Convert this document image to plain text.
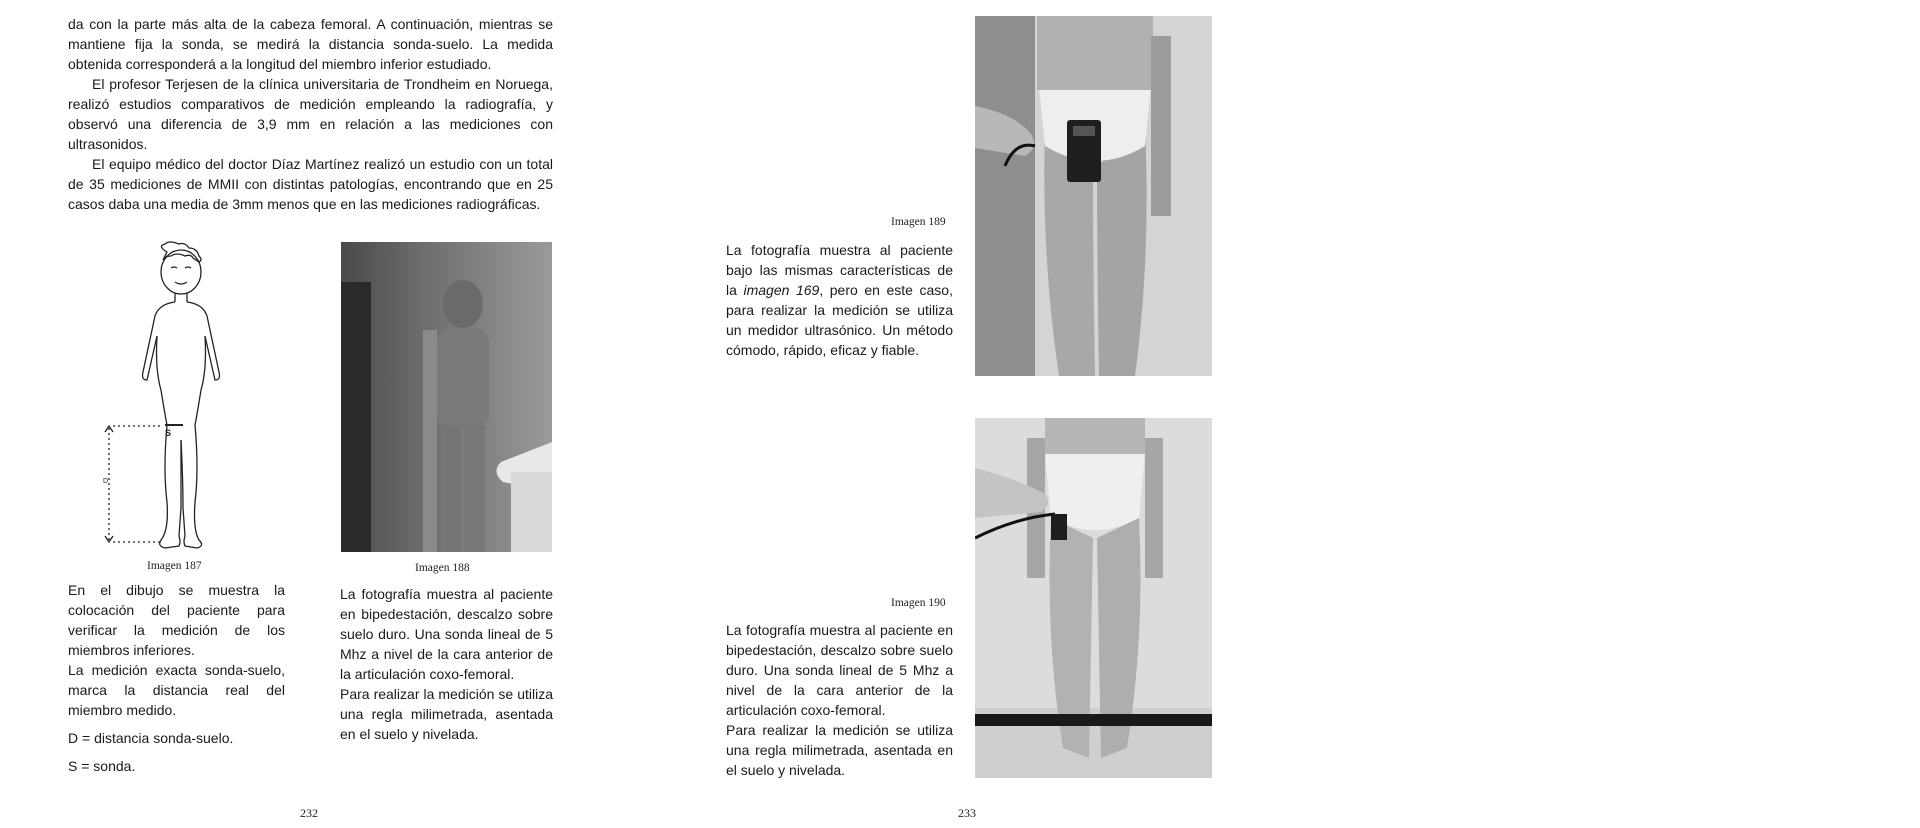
da con la parte más alta de la cabeza femoral. A continuación, mientras se mantiene fija la sonda, se medirá la distancia sonda-suelo. La medida obtenida corresponderá a la longitud del miembro inferior estudiado.

El profesor Terjesen de la clínica universitaria de Trondheim en Noruega, realizó estudios comparativos de medición empleando la radiografía, y observó una diferencia de 3,9 mm en relación a las mediciones con ultrasonidos.

El equipo médico del doctor Díaz Martínez realizó un estudio con un total de 35 mediciones de MMII con distintas patologías, encontrando que en 25 casos daba una media de 3mm menos que en las mediciones radiográficas.

S
D
Imagen 187	Imagen 188

En el dibujo se muestra la colocación del paciente para verificar la medición de los miembros inferiores.

La medición exacta sonda-suelo, marca la distancia real del miembro medido.

D = distancia sonda-suelo.

S = sonda.

La fotografía muestra al paciente en bipedestación, descalzo sobre suelo duro. Una sonda lineal de 5 Mhz a nivel de la cara anterior de la articulación coxo-femoral.

Para realizar la medición se utiliza una regla milimetrada, asentada en el suelo y nivelada.

232
Imagen 189

La fotografía muestra al paciente bajo las mismas características de la imagen 169, pero en este caso, para realizar la medición se utiliza un medidor ultrasónico. Un método cómodo, rápido, eficaz y fiable.

Imagen 190

La fotografía muestra al paciente en bipedestación, descalzo sobre suelo duro. Una sonda lineal de 5 Mhz a nivel de la cara anterior de la articulación coxo-femoral.

Para realizar la medición se utiliza una regla milimetrada, asentada en el suelo y nivelada.

233
